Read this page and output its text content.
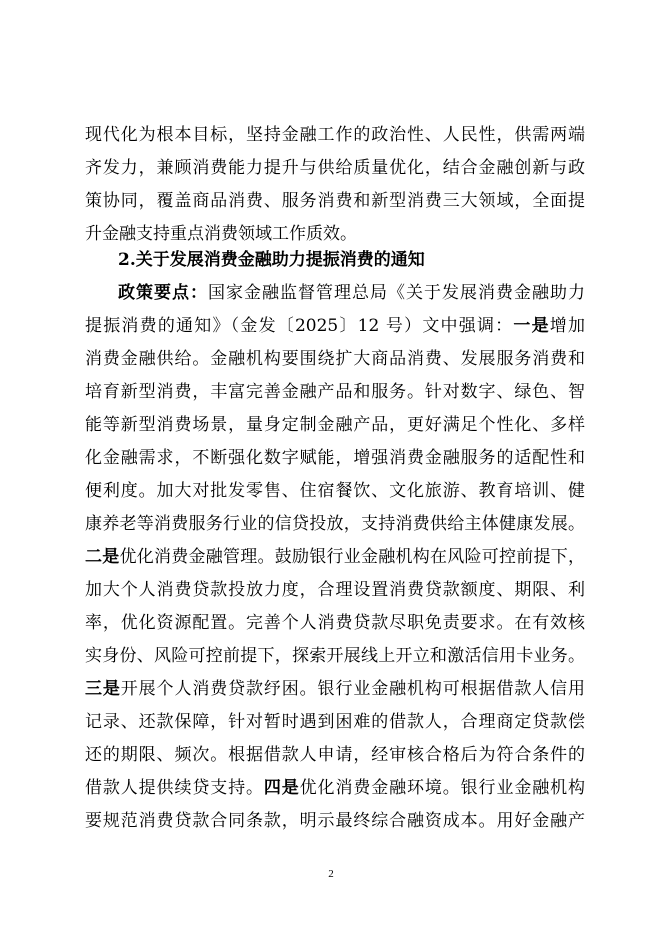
现代化为根本目标，坚持金融工作的政治性、人民性，供需两端
齐发力，兼顾消费能力提升与供给质量优化，结合金融创新与政
策协同，覆盖商品消费、服务消费和新型消费三大领域，全面提
升金融支持重点消费领域工作质效。
2.关于发展消费金融助力提振消费的通知
政策要点：国家金融监督管理总局《关于发展消费金融助力
提振消费的通知》（金发〔2025〕12 号）文中强调：一是增加
消费金融供给。金融机构要围绕扩大商品消费、发展服务消费和
培育新型消费，丰富完善金融产品和服务。针对数字、绿色、智
能等新型消费场景，量身定制金融产品，更好满足个性化、多样
化金融需求，不断强化数字赋能，增强消费金融服务的适配性和
便利度。加大对批发零售、住宿餐饮、文化旅游、教育培训、健
康养老等消费服务行业的信贷投放，支持消费供给主体健康发展。
二是优化消费金融管理。鼓励银行业金融机构在风险可控前提下，
加大个人消费贷款投放力度，合理设置消费贷款额度、期限、利
率，优化资源配置。完善个人消费贷款尽职免责要求。在有效核
实身份、风险可控前提下，探索开展线上开立和激活信用卡业务。
三是开展个人消费贷款纾困。银行业金融机构可根据借款人信用
记录、还款保障，针对暂时遇到困难的借款人，合理商定贷款偿
还的期限、频次。根据借款人申请，经审核合格后为符合条件的
借款人提供续贷支持。四是优化消费金融环境。银行业金融机构
要规范消费贷款合同条款，明示最终综合融资成本。用好金融产
2
